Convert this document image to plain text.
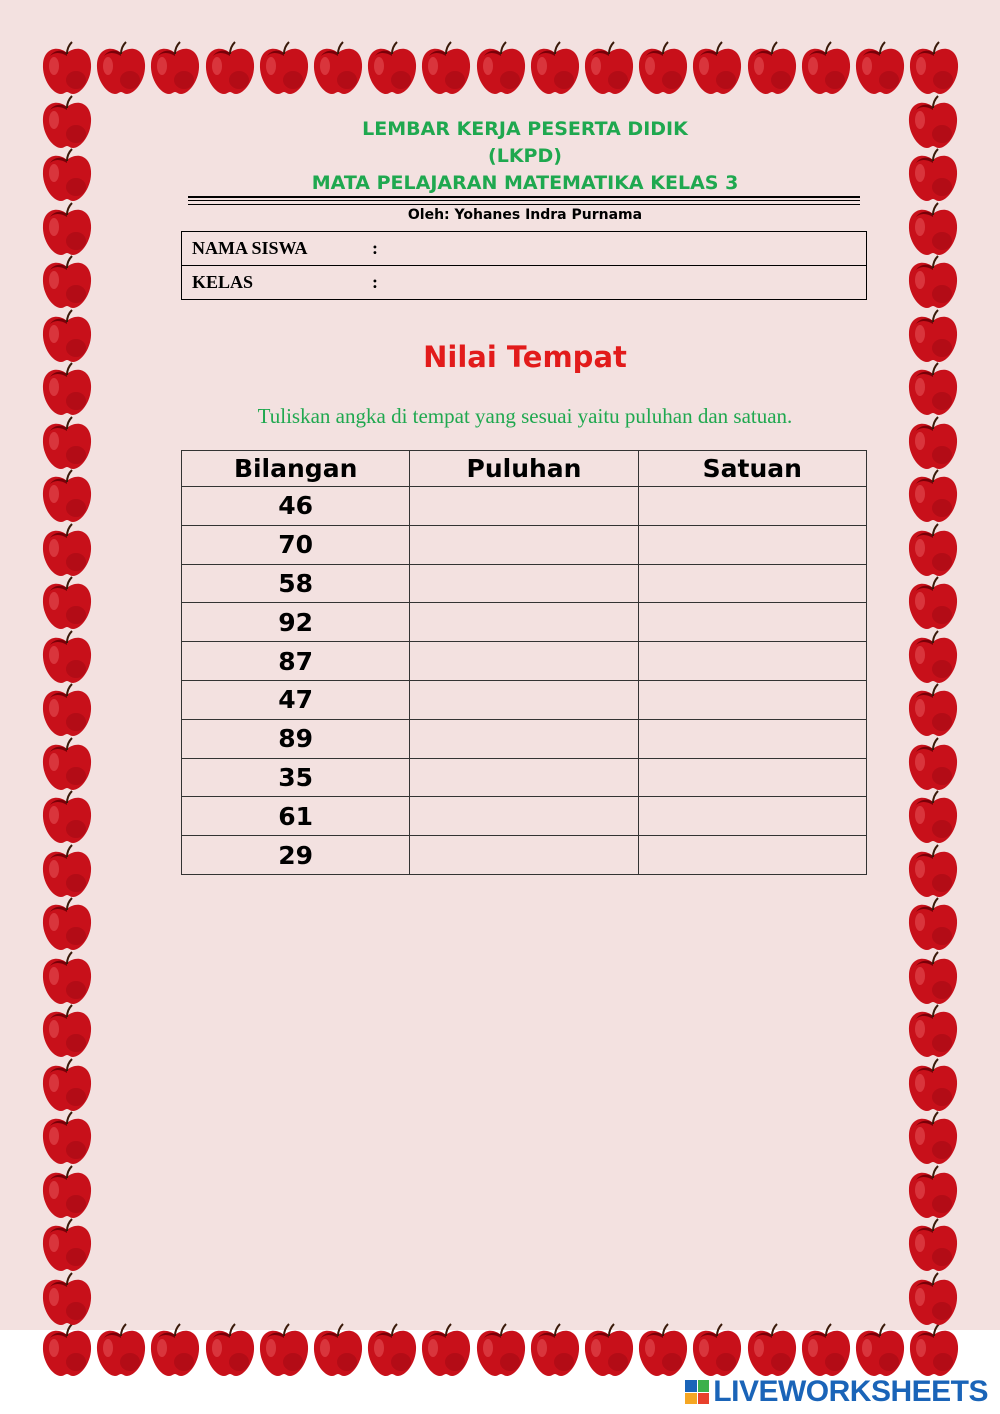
LEMBAR KERJA PESERTA DIDIK
(LKPD)
MATA PELAJARAN MATEMATIKA KELAS 3
Oleh: Yohanes Indra Purnama
NAMA SISWA	:
KELAS	:
Nilai Tempat
Tuliskan angka di tempat yang sesuai yaitu puluhan dan satuan.
Bilangan	Puluhan	Satuan
46		
70		
58		
92		
87		
47		
89		
35		
61		
29		
LIVEWORKSHEETS
